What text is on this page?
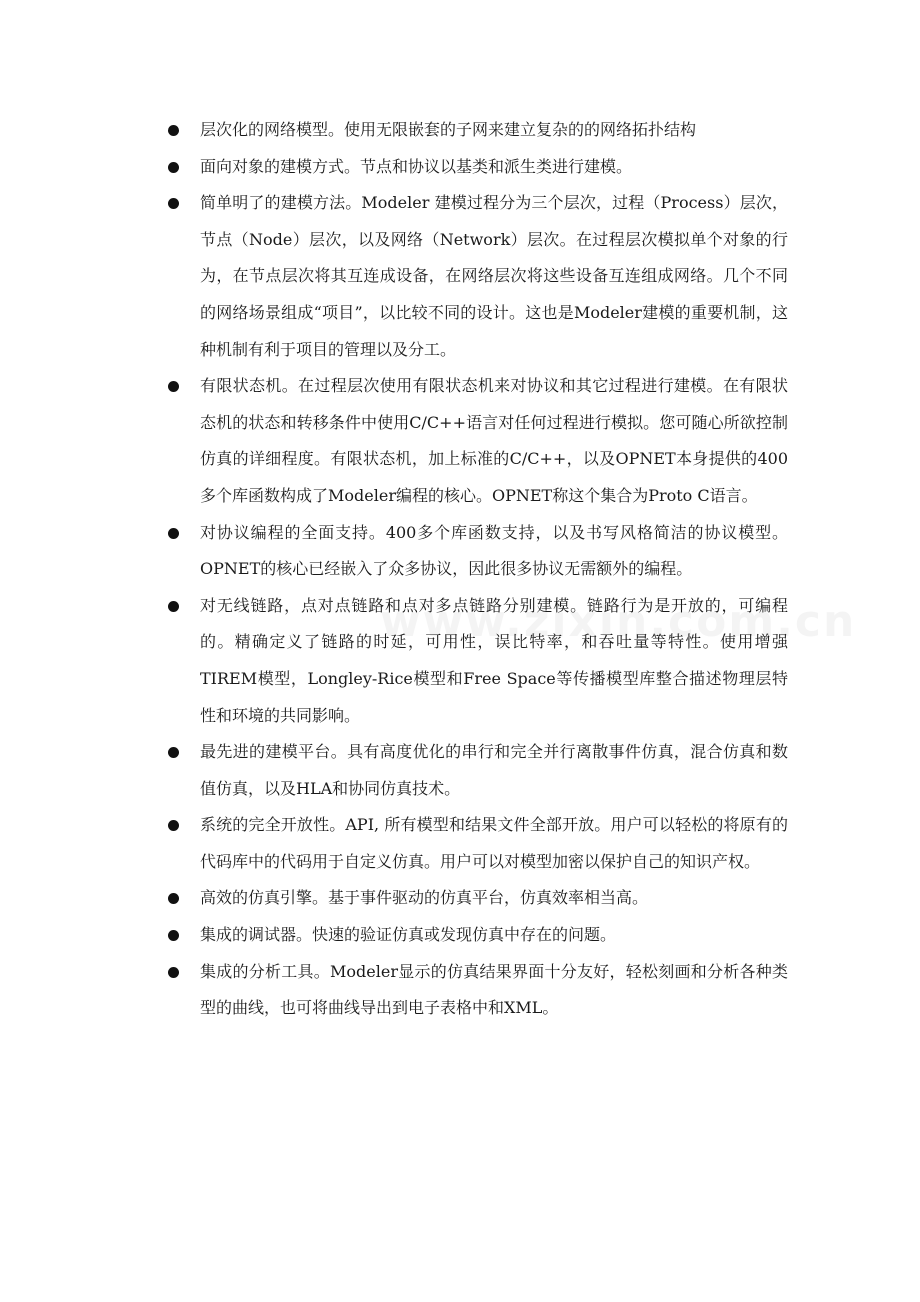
层次化的网络模型。使用无限嵌套的子网来建立复杂的的网络拓扑结构
面向对象的建模方式。节点和协议以基类和派生类进行建模。
简单明了的建模方法。Modeler 建模过程分为三个层次，过程（Process）层次，节点（Node）层次，以及网络（Network）层次。在过程层次模拟单个对象的行为，在节点层次将其互连成设备，在网络层次将这些设备互连组成网络。几个不同的网络场景组成“项目”，以比较不同的设计。这也是Modeler建模的重要机制，这种机制有利于项目的管理以及分工。
有限状态机。在过程层次使用有限状态机来对协议和其它过程进行建模。在有限状态机的状态和转移条件中使用C/C++语言对任何过程进行模拟。您可随心所欲控制仿真的详细程度。有限状态机，加上标准的C/C++，以及OPNET本身提供的400多个库函数构成了Modeler编程的核心。OPNET称这个集合为Proto C语言。
对协议编程的全面支持。400多个库函数支持，以及书写风格简洁的协议模型。OPNET的核心已经嵌入了众多协议，因此很多协议无需额外的编程。
对无线链路，点对点链路和点对多点链路分别建模。链路行为是开放的，可编程的。精确定义了链路的时延，可用性，误比特率，和吞吐量等特性。使用增强TIREM模型，Longley-Rice模型和Free Space等传播模型库整合描述物理层特性和环境的共同影响。
最先进的建模平台。具有高度优化的串行和完全并行离散事件仿真，混合仿真和数值仿真，以及HLA和协同仿真技术。
系统的完全开放性。API, 所有模型和结果文件全部开放。用户可以轻松的将原有的代码库中的代码用于自定义仿真。用户可以对模型加密以保护自己的知识产权。
高效的仿真引擎。基于事件驱动的仿真平台，仿真效率相当高。
集成的调试器。快速的验证仿真或发现仿真中存在的问题。
集成的分析工具。Modeler显示的仿真结果界面十分友好，轻松刻画和分析各种类型的曲线，也可将曲线导出到电子表格中和XML。
